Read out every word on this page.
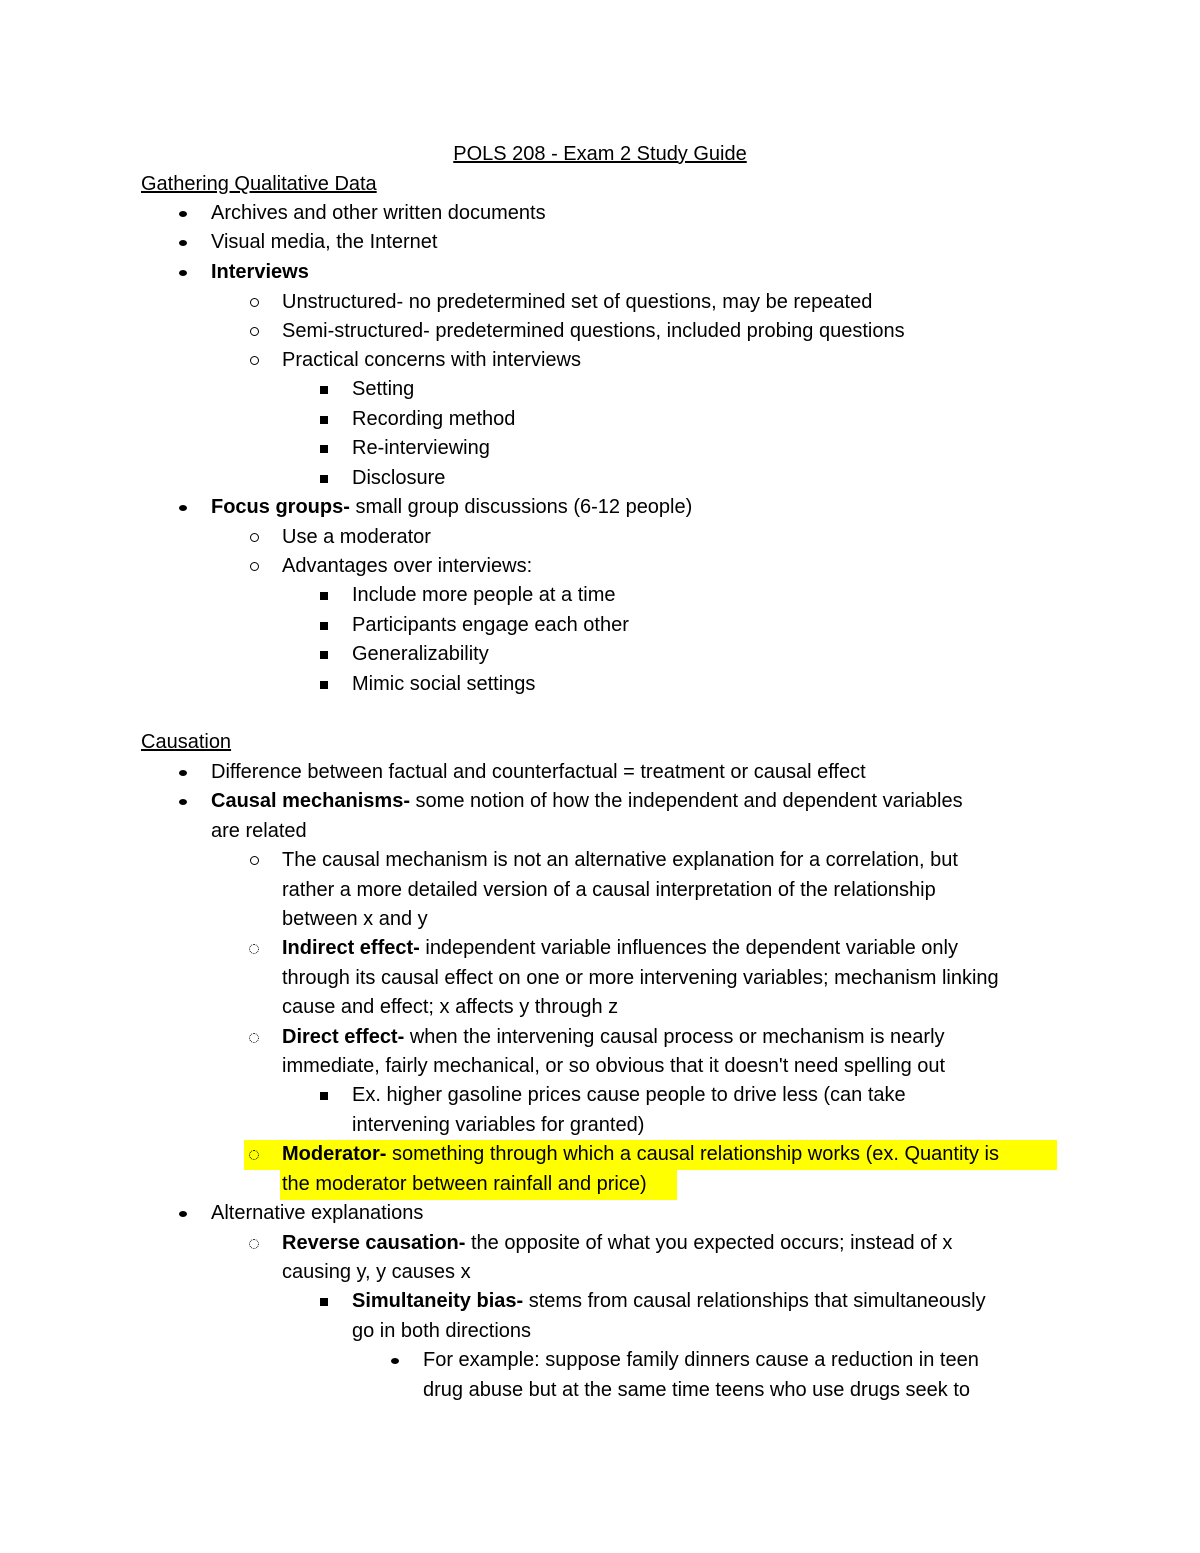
POLS 208 - Exam 2 Study Guide
Gathering Qualitative Data
Archives and other written documents
Visual media, the Internet
Interviews
Unstructured- no predetermined set of questions, may be repeated
Semi-structured- predetermined questions, included probing questions
Practical concerns with interviews
Setting
Recording method
Re-interviewing
Disclosure
Focus groups- small group discussions (6-12 people)
Use a moderator
Advantages over interviews:
Include more people at a time
Participants engage each other
Generalizability
Mimic social settings
Causation
Difference between factual and counterfactual = treatment or causal effect
Causal mechanisms- some notion of how the independent and dependent variables
are related
The causal mechanism is not an alternative explanation for a correlation, but
rather a more detailed version of a causal interpretation of the relationship
between x and y
Indirect effect- independent variable influences the dependent variable only
through its causal effect on one or more intervening variables; mechanism linking
cause and effect; x affects y through z
Direct effect- when the intervening causal process or mechanism is nearly
immediate, fairly mechanical, or so obvious that it doesn't need spelling out
Ex. higher gasoline prices cause people to drive less (can take
intervening variables for granted)
Moderator- something through which a causal relationship works (ex. Quantity is
the moderator between rainfall and price)
Alternative explanations
Reverse causation- the opposite of what you expected occurs; instead of x
causing y, y causes x
Simultaneity bias- stems from causal relationships that simultaneously
go in both directions
For example: suppose family dinners cause a reduction in teen
drug abuse but at the same time teens who use drugs seek to
